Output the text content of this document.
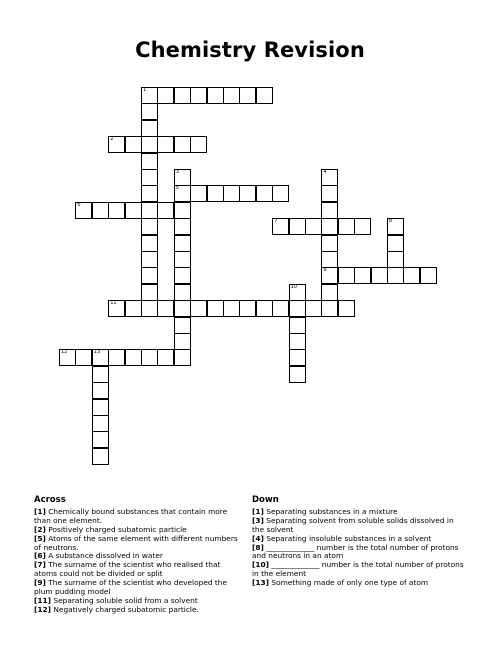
Chemistry Revision
1
2
3
5
4
9
6
7	8
10
11
12	13
Across
[1] Chemically bound substances that contain more than one element.
[2] Positively charged subatomic particle
[5] Atoms of the same element with different numbers of neutrons.
[6] A substance dissolved in water
[7] The surname of the scientist who realised that atoms could not be divided or split
[9] The surname of the scientist who developed the plum pudding model
[11] Separating soluble solid from a solvent
[12] Negatively charged subatomic particle.
Down
[1] Separating substances in a mixture
[3] Separating solvent from soluble solids dissolved in the solvent
[4] Separating insoluble substances in a solvent
[8] _____________ number is the total number of protons and neutrons in an atom
[10] _____________ number is the total number of protons in the element
[13] Something made of only one type of atom
